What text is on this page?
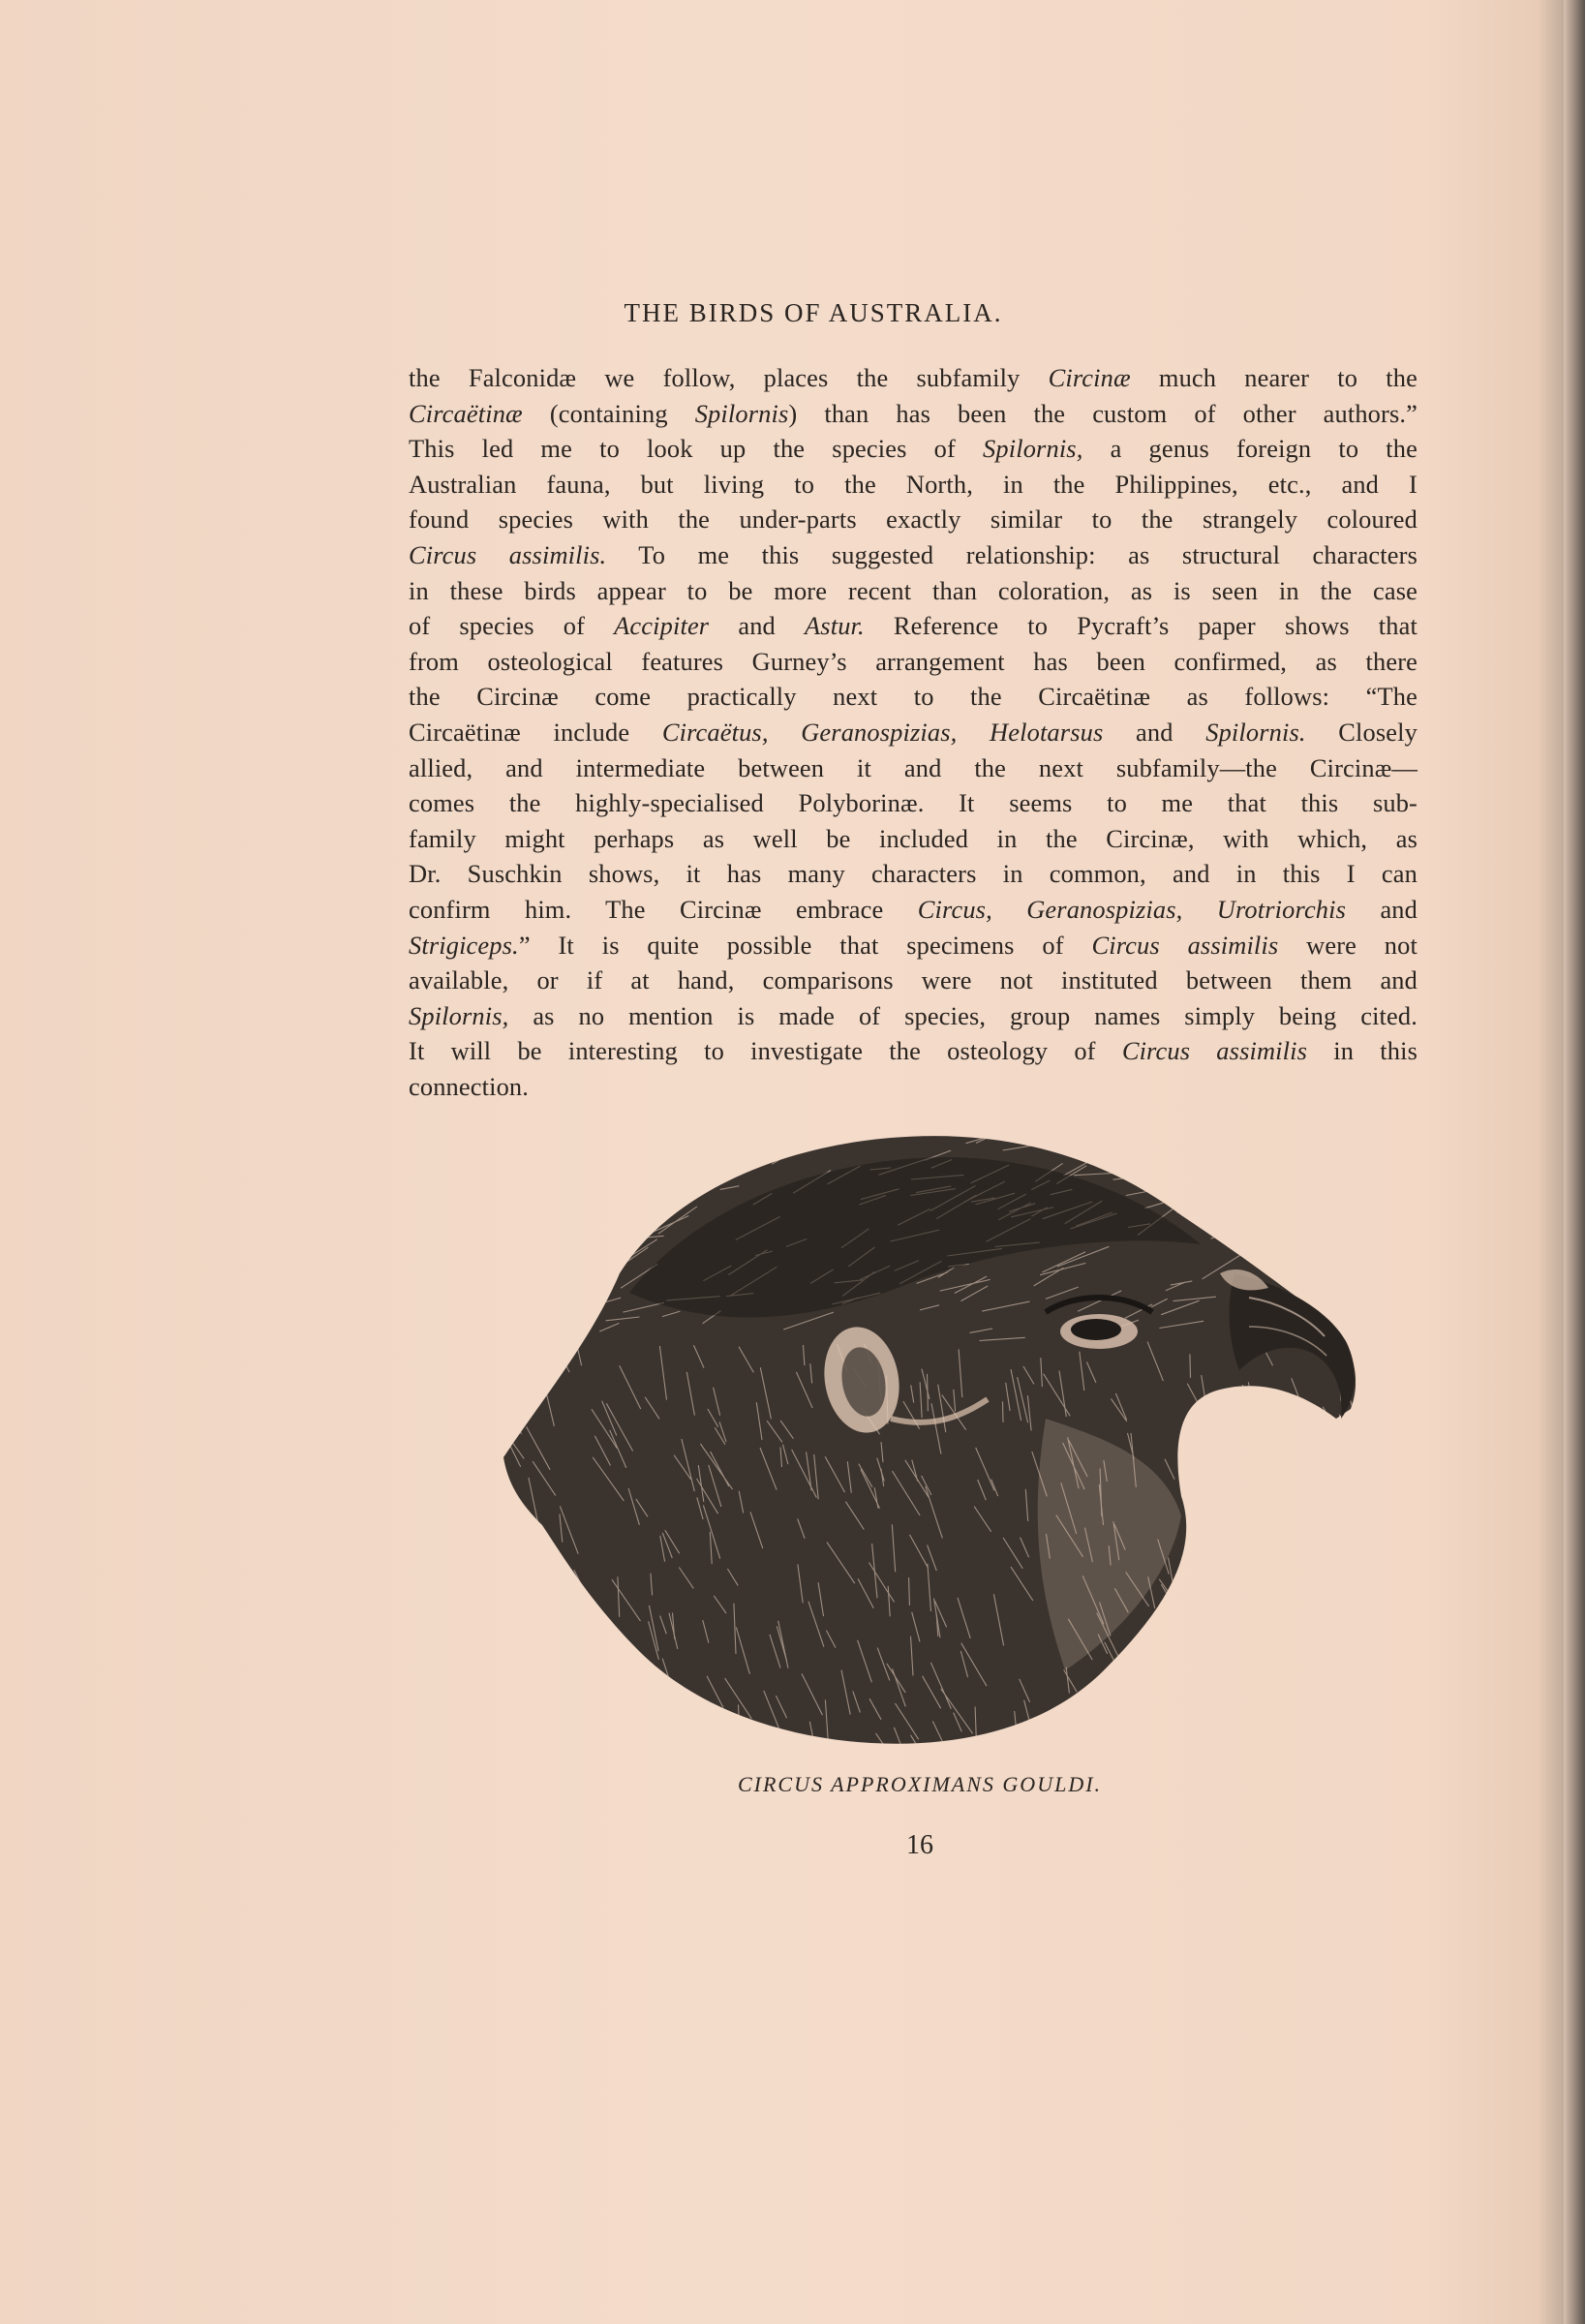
THE BIRDS OF AUSTRALIA.
the Falconidæ we follow, places the subfamily Circinæ much nearer to the
Circaëtinæ (containing Spilornis) than has been the custom of other authors.”
This led me to look up the species of Spilornis, a genus foreign to the
Australian fauna, but living to the North, in the Philippines, etc., and I
found species with the under-parts exactly similar to the strangely coloured
Circus assimilis. To me this suggested relationship: as structural characters
in these birds appear to be more recent than coloration, as is seen in the case
of species of Accipiter and Astur. Reference to Pycraft’s paper shows that
from osteological features Gurney’s arrangement has been confirmed, as there
the Circinæ come practically next to the Circaëtinæ as follows: “The
Circaëtinæ include Circaëtus, Geranospizias, Helotarsus and Spilornis. Closely
allied, and intermediate between it and the next subfamily—the Circinæ—
comes the highly-specialised Polyborinæ. It seems to me that this sub-
family might perhaps as well be included in the Circinæ, with which, as
Dr. Suschkin shows, it has many characters in common, and in this I can
confirm him. The Circinæ embrace Circus, Geranospizias, Urotriorchis and
Strigiceps.” It is quite possible that specimens of Circus assimilis were not
available, or if at hand, comparisons were not instituted between them and
Spilornis, as no mention is made of species, group names simply being cited.
It will be interesting to investigate the osteology of Circus assimilis in this
connection.
CIRCUS APPROXIMANS GOULDI.
16
